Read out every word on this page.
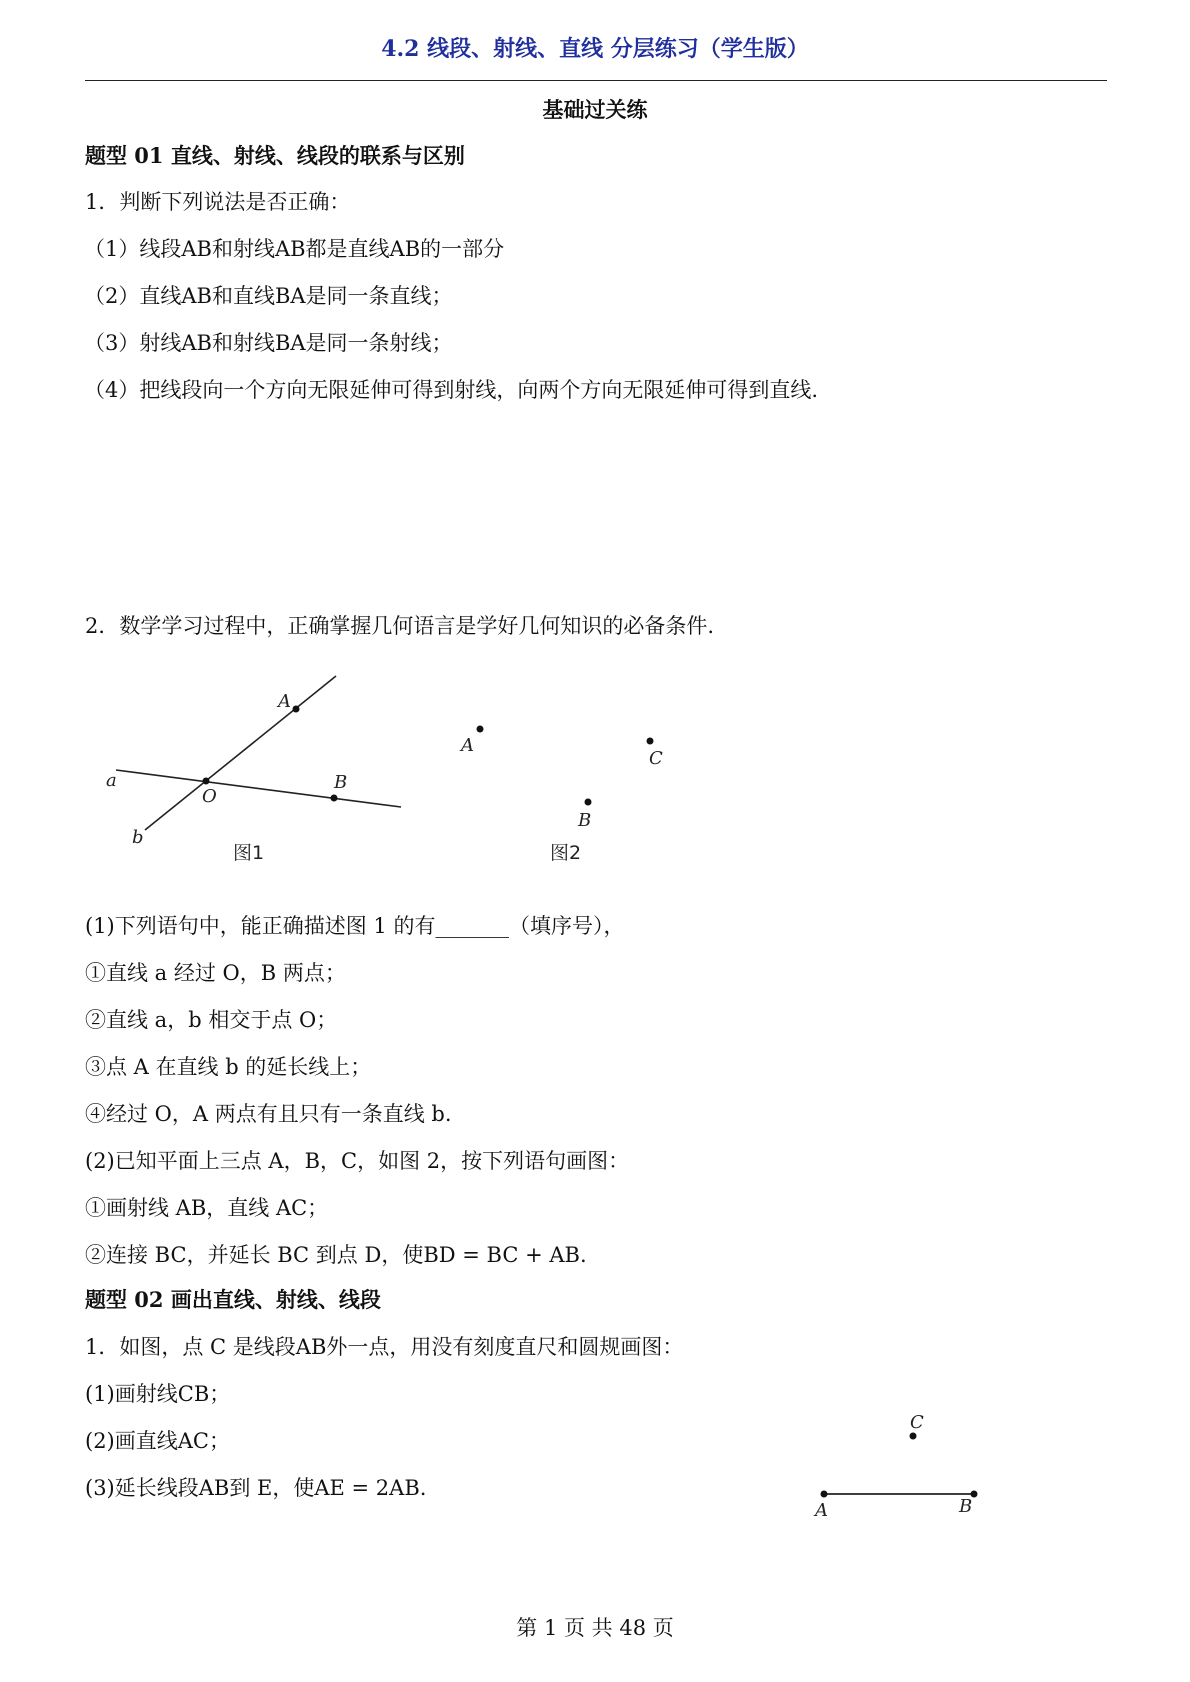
4.2 线段、射线、直线 分层练习（学生版）
基础过关练
题型 01 直线、射线、线段的联系与区别
1．判断下列说法是否正确：
（1）线段AB和射线AB都是直线AB的一部分
（2）直线AB和直线BA是同一条直线；
（3）射线AB和射线BA是同一条射线；
（4）把线段向一个方向无限延伸可得到射线，向两个方向无限延伸可得到直线.
2．数学学习过程中，正确掌握几何语言是学好几何知识的必备条件.
A
a
O
B
b
图1
A
C
B
图2
(1)下列语句中，能正确描述图 1 的有_______（填序号），
①直线 a 经过 O，B 两点；
②直线 a，b 相交于点 O；
③点 A 在直线 b 的延长线上；
④经过 O，A 两点有且只有一条直线 b.
(2)已知平面上三点 A，B，C，如图 2，按下列语句画图：
①画射线 AB，直线 AC；
②连接 BC，并延长 BC 到点 D，使BD = BC + AB.
题型 02 画出直线、射线、线段
1．如图，点 C 是线段AB外一点，用没有刻度直尺和圆规画图：
(1)画射线CB；
(2)画直线AC；
(3)延长线段AB到 E，使AE = 2AB.
C
A	B
第 1 页 共 48 页
